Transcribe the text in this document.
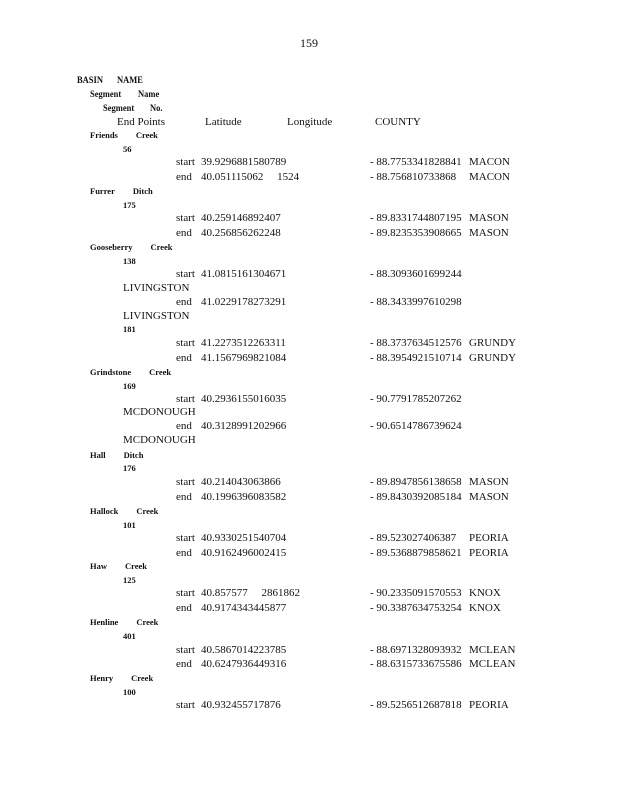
159
BASIN NAME
Segment Name
Segment No.
End Points	Latitude	Longitude	COUNTY
Friends Creek
56
start 39.9296881580789	- 88.7753341828841 MACON
end 40.051115062     1524	- 88.756810733868 MACON
Furrer Ditch
175
start 40.259146892407	- 89.8331744807195 MASON
end 40.256856262248	- 89.8235353908665 MASON
Gooseberry Creek
138
start 41.0815161304671	- 88.3093601699244
LIVINGSTON
end 41.0229178273291	- 88.3433997610298
LIVINGSTON
181
start 41.2273512263311	- 88.3737634512576 GRUNDY
end 41.1567969821084	- 88.3954921510714 GRUNDY
Grindstone Creek
169
start 40.2936155016035	- 90.7791785207262
MCDONOUGH
end 40.3128991202966	- 90.6514786739624
MCDONOUGH
Hall Ditch
176
start 40.214043063866	- 89.8947856138658 MASON
end 40.1996396083582	- 89.8430392085184 MASON
Hallock Creek
101
start 40.9330251540704	- 89.523027406387 PEORIA
end 40.9162496002415	- 89.5368879858621 PEORIA
Haw Creek
125
start 40.857577     2861862	- 90.2335091570553 KNOX
end 40.9174343445877	- 90.3387634753254 KNOX
Henline Creek
401
start 40.5867014223785	- 88.6971328093932 MCLEAN
end 40.6247936449316	- 88.6315733675586 MCLEAN
Henry Creek
100
start 40.932455717876	- 89.5256512687818 PEORIA
